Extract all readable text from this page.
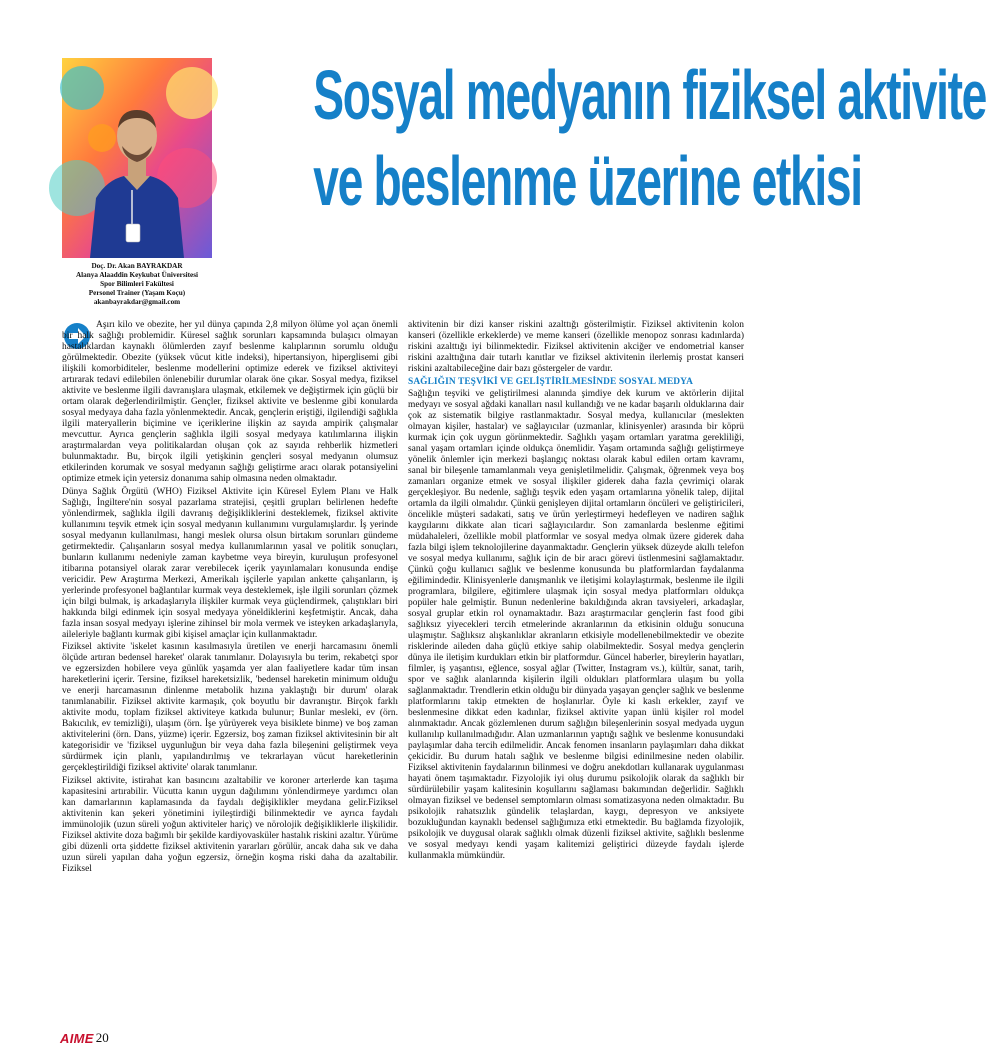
Doç. Dr. Akan BAYRAKDAR
Alanya Alaaddin Keykubat Üniversitesi
Spor Bilimleri Fakültesi
Personel Trainer (Yaşam Koçu)
akanbayrakdar@gmail.com
Sosyal medyanın fiziksel aktivite
ve beslenme üzerine etkisi

Aşırı kilo ve obezite, her yıl dünya çapında 2,8 milyon ölüme yol açan önemli bir halk sağlığı problemidir. Küresel sağlık sorunları kapsamında bulaşıcı olmayan hastalıklardan kaynaklı ölümlerden zayıf beslenme kalıplarının sorumlu olduğu görülmektedir. Obezite (yüksek vücut kitle indeksi), hipertansiyon, hiperglisemi gibi ilişkili komorbiditeler, beslenme modellerini optimize ederek ve fiziksel aktiviteyi artırarak tedavi edilebilen önlenebilir durumlar olarak öne çıkar. Sosyal medya, fiziksel aktivite ve beslenme ilgili davranışlara ulaşmak, etkilemek ve değiştirmek için güçlü bir ortam olarak değerlendirilmiştir. Gençler, fiziksel aktivite ve beslenme gibi konularda sosyal medyaya daha fazla yönlenmektedir. Ancak, gençlerin eriştiği, ilgilendiği sağlıkla ilgili materyallerin biçimine ve içeriklerine ilişkin az sayıda ampirik çalışmalar mevcuttur. Ayrıca gençlerin sağlıkla ilgili sosyal medyaya katılımlarına ilişkin araştırmalardan veya politikalardan oluşan çok az sayıda rehberlik hizmetleri bulunmaktadır. Bu, birçok ilgili yetişkinin gençleri sosyal medyanın olumsuz etkilerinden korumak ve sosyal medyanın sağlığı geliştirme aracı olarak potansiyelini optimize etmek için yetersiz donanıma sahip olmasına neden olmaktadır.

Dünya Sağlık Örgütü (WHO) Fiziksel Aktivite için Küresel Eylem Planı ve Halk Sağlığı, İngiltere'nin sosyal pazarlama stratejisi, çeşitli grupları belirlenen hedefte yönlendirmek, sağlıkla ilgili davranış değişikliklerini desteklemek, fiziksel aktivite kullanımını teşvik etmek için sosyal medyanın kullanımını vurgulamışlardır. İş yerinde sosyal medyanın kullanılması, hangi meslek olursa olsun birtakım sorunları gündeme getirmektedir. Çalışanların sosyal medya kullanımlarının yasal ve politik sonuçları, bunların kullanımı nedeniyle zaman kaybetme veya bireyin, kuruluşun profesyonel itibarına potansiyel olarak zarar verebilecek içerik yayınlamaları konusunda endişe vericidir. Pew Araştırma Merkezi, Amerikalı işçilerle yapılan ankette çalışanların, iş yerlerinde profesyonel bağlantılar kurmak veya desteklemek, işle ilgili sorunları çözmek için bilgi bulmak, iş arkadaşlarıyla ilişkiler kurmak veya güçlendirmek, çalıştıkları biri hakkında bilgi edinmek için sosyal medyaya yöneldiklerini keşfetmiştir. Ancak, daha fazla insan sosyal medyayı işlerine zihinsel bir mola vermek ve isteyken arkadaşlarıyla, aileleriyle bağlantı kurmak gibi kişisel amaçlar için kullanmaktadır.

Fiziksel aktivite 'iskelet kasının kasılmasıyla üretilen ve enerji harcamasını önemli ölçüde artıran bedensel hareket' olarak tanımlanır. Dolayısıyla bu terim, rekabetçi spor ve egzersizden hobilere veya günlük yaşamda yer alan faaliyetlere kadar tüm insan hareketlerini içerir. Tersine, fiziksel hareketsizlik, 'bedensel hareketin minimum olduğu ve enerji harcamasının dinlenme metabolik hızına yaklaştığı bir durum' olarak tanımlanabilir. Fiziksel aktivite karmaşık, çok boyutlu bir davranıştır. Birçok farklı aktivite modu, toplam fiziksel aktiviteye katkıda bulunur; Bunlar mesleki, ev (örn. Bakıcılık, ev temizliği), ulaşım (örn. İşe yürüyerek veya bisiklete binme) ve boş zaman aktivitelerini (örn. Dans, yüzme) içerir. Egzersiz, boş zaman fiziksel aktivitesinin bir alt kategorisidir ve 'fiziksel uygunluğun bir veya daha fazla bileşenini geliştirmek veya sürdürmek için planlı, yapılandırılmış ve tekrarlayan vücut hareketlerinin gerçekleştirildiği fiziksel aktivite' olarak tanımlanır.

Fiziksel aktivite, istirahat kan basıncını azaltabilir ve koroner arterlerde kan taşıma kapasitesini artırabilir. Vücutta kanın uygun dağılımını yönlendirmeye yardımcı olan kan damarlarının kaplamasında da faydalı değişiklikler meydana gelir.Fiziksel aktivitenin kan şekeri yönetimini iyileştirdiği bilinmektedir ve ayrıca faydalı immünolojik (uzun süreli yoğun aktiviteler hariç) ve nörolojik değişikliklerle ilişkilidir. Fiziksel aktivite doza bağımlı bir şekilde kardiyovasküler hastalık riskini azaltır. Yürüme gibi düzenli orta şiddette fiziksel aktivitenin yararları görülür, ancak daha sık ve daha uzun süreli yapılan daha yoğun egzersiz, örneğin koşma riski daha da azaltabilir. Fiziksel

aktivitenin bir dizi kanser riskini azalttığı gösterilmiştir. Fiziksel aktivitenin kolon kanseri (özellikle erkeklerde) ve meme kanseri (özellikle menopoz sonrası kadınlarda) riskini azalttığı iyi bilinmektedir. Fiziksel aktivitenin akciğer ve endometrial kanser riskini azalttığına dair tutarlı kanıtlar ve fiziksel aktivitenin ilerlemiş prostat kanseri riskini azaltabileceğine dair bazı göstergeler de vardır.

SAĞLIĞIN TEŞVİKİ VE GELİŞTİRİLMESİNDE SOSYAL MEDYA

Sağlığın teşviki ve geliştirilmesi alanında şimdiye dek kurum ve aktörlerin dijital medyayı ve sosyal ağdaki kanalları nasıl kullandığı ve ne kadar başarılı olduklarına dair çok az sistematik bilgiye rastlanmaktadır. Sosyal medya, kullanıcılar (meslekten olmayan kişiler, hastalar) ve sağlayıcılar (uzmanlar, klinisyenler) arasında bir köprü kurmak için çok uygun görünmektedir. Sağlıklı yaşam ortamları yaratma gerekliliği, sanal yaşam ortamları içinde oldukça önemlidir. Yaşam ortamında sağlığı geliştirmeye yönelik önlemler için merkezi başlangıç noktası olarak kabul edilen ortam kavramı, sanal bir bileşenle tamamlanmalı veya genişletilmelidir. Çalışmak, öğrenmek veya boş zamanları organize etmek ve sosyal ilişkiler giderek daha fazla çevrimiçi olarak gerçekleşiyor. Bu nedenle, sağlığı teşvik eden yaşam ortamlarına yönelik talep, dijital ortamla da ilgili olmalıdır. Çünkü genişleyen dijital ortamların öncüleri ve geliştiricileri, öncelikle müşteri sadakati, satış ve ürün yerleştirmeyi hedefleyen ve nadiren sağlık kaygılarını dikkate alan ticari sağlayıcılardır. Son zamanlarda beslenme eğitimi müdahaleleri, özellikle mobil platformlar ve sosyal medya olmak üzere giderek daha fazla bilgi işlem teknolojilerine dayanmaktadır. Gençlerin yüksek düzeyde akıllı telefon ve sosyal medya kullanımı, sağlık için de bir aracı görevi üstlenmesini sağlamaktadır. Çünkü çoğu kullanıcı sağlık ve beslenme konusunda bu platformlardan faydalanma eğilimindedir. Klinisyenlerle danışmanlık ve iletişimi kolaylaştırmak, beslenme ile ilgili programlara, bilgilere, eğitimlere ulaşmak için sosyal medya platformları oldukça popüler hale gelmiştir. Bunun nedenlerine bakıldığında akran tavsiyeleri, arkadaşlar, sosyal gruplar etkin rol oynamaktadır. Bazı araştırmacılar gençlerin fast food gibi sağlıksız yiyecekleri tercih etmelerinde akranlarının da etkisinin olduğu sonucuna ulaşmıştır. Sağlıksız alışkanlıklar akranların etkisiyle modellenebilmektedir ve obezite risklerinde aileden daha güçlü etkiye sahip olabilmektedir. Sosyal medya gençlerin dünya ile iletişim kurdukları etkin bir platformdur. Güncel haberler, bireylerin hayatları, filmler, iş yaşantısı, eğlence, sosyal ağlar (Twitter, Instagram vs.), kültür, sanat, tarih, spor ve sağlık alanlarında kişilerin ilgili oldukları platformlara ulaşım bu yolla sağlanmaktadır. Trendlerin etkin olduğu bir dünyada yaşayan gençler sağlık ve beslenme platformlarını takip etmekten de hoşlanırlar. Öyle ki kaslı erkekler, zayıf ve beslenmesine dikkat eden kadınlar, fiziksel aktivite yapan ünlü kişiler rol model alınmaktadır. Ancak gözlemlenen durum sağlığın bileşenlerinin sosyal medyada uygun kullanılıp kullanılmadığıdır. Alan uzmanlarının yaptığı sağlık ve beslenme konusundaki paylaşımlar daha tercih edilmelidir. Ancak fenomen insanların paylaşımları daha dikkat çekicidir. Bu durum hatalı sağlık ve beslenme bilgisi edinilmesine neden olabilir. Fiziksel aktivitenin faydalarının bilinmesi ve doğru anekdotları kullanarak uygulanması hayati önem taşımaktadır. Fizyolojik iyi oluş durumu psikolojik olarak da sağlıklı bir sürdürülebilir yaşam kalitesinin koşullarını sağlaması bakımından değerlidir. Sağlıklı olmayan fiziksel ve bedensel semptomların olması somatizasyona neden olmaktadır. Bu psikolojik rahatsızlık gündelik telaşlardan, kaygı, depresyon ve anksiyete bozukluğundan kaynaklı bedensel sağlığımıza etki etmektedir. Bu bağlamda fizyolojik, psikolojik ve duygusal olarak sağlıklı olmak düzenli fiziksel aktivite, sağlıklı beslenme ve sosyal medyayı kendi yaşam kalitemizi geliştirici düzeyde faydalı işlerde kullanmakla mümkündür.

AIME 20
